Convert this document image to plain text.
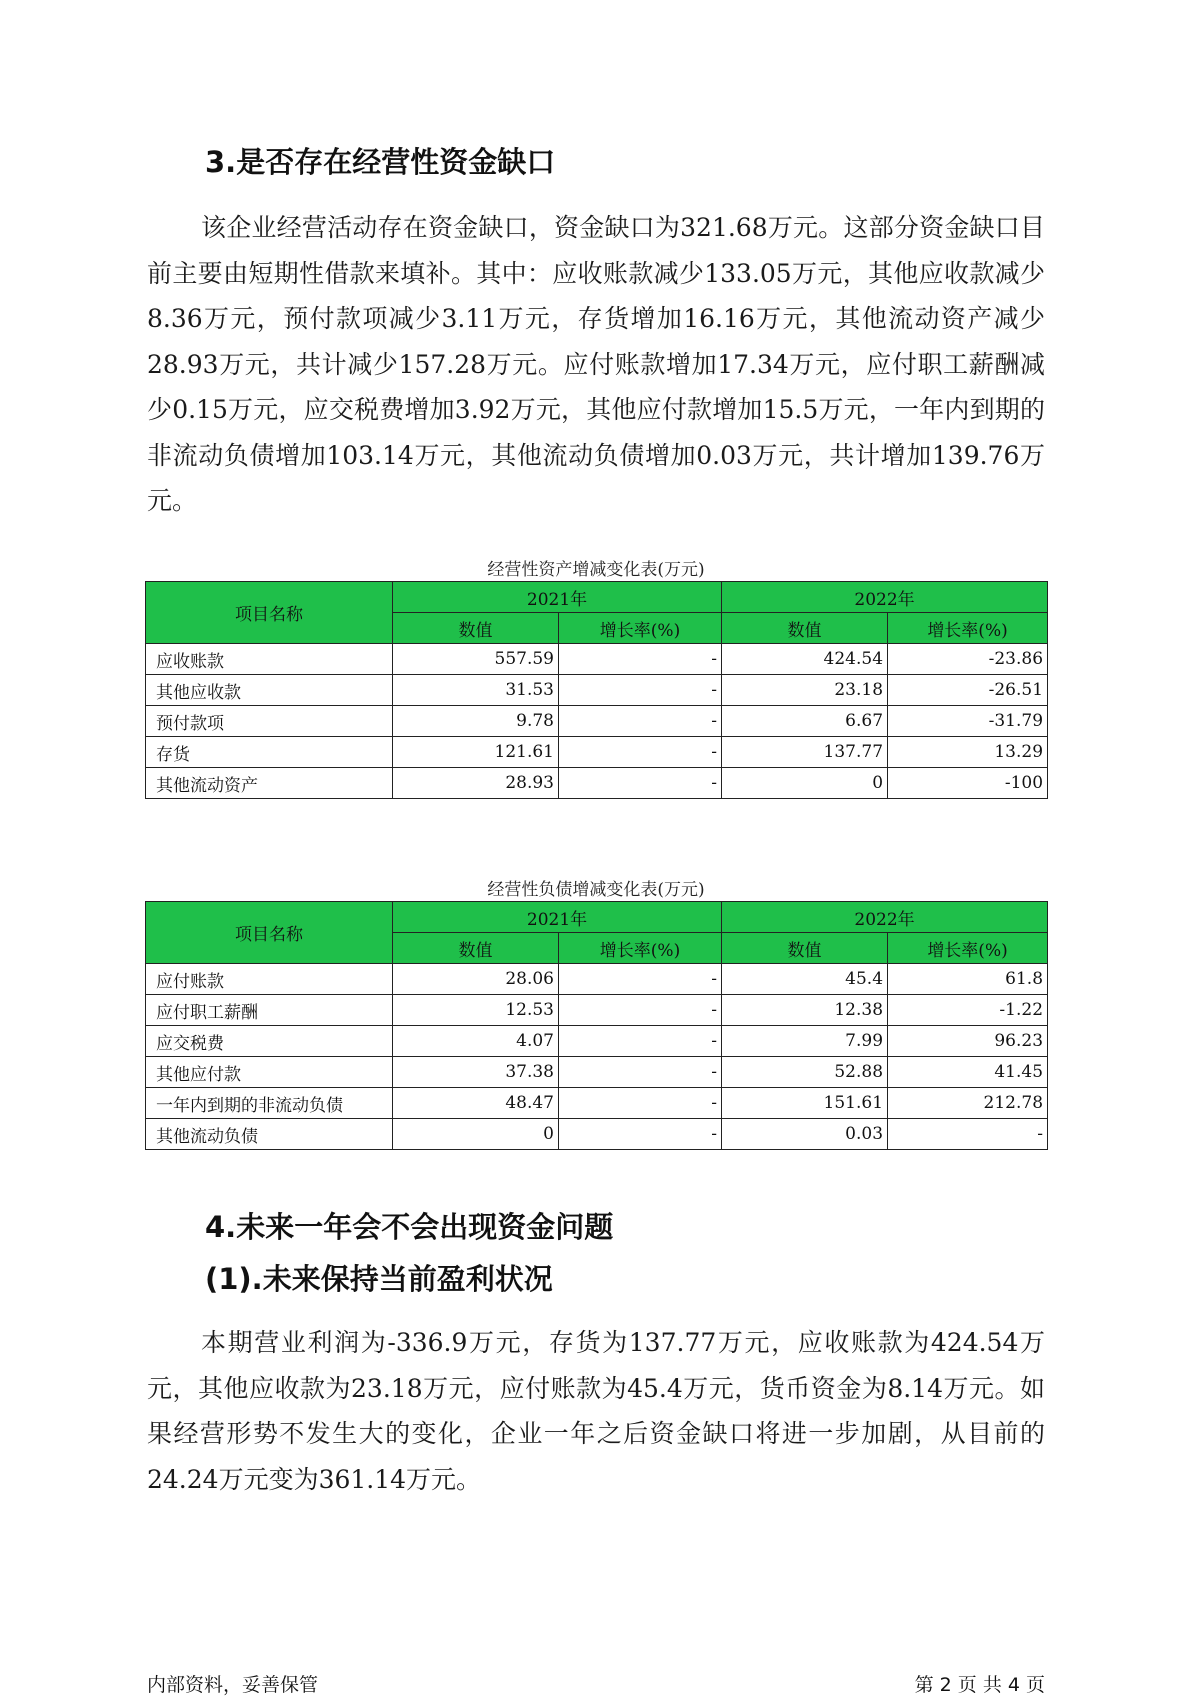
3.是否存在经营性资金缺口

该企业经营活动存在资金缺口，资金缺口为321.68万元。这部分资金缺口目前主要由短期性借款来填补。其中：应收账款减少133.05万元，其他应收款减少8.36万元，预付款项减少3.11万元，存货增加16.16万元，其他流动资产减少28.93万元，共计减少157.28万元。应付账款增加17.34万元，应付职工薪酬减少0.15万元，应交税费增加3.92万元，其他应付款增加15.5万元，一年内到期的非流动负债增加103.14万元，其他流动负债增加0.03万元，共计增加139.76万元。

经营性资产增减变化表(万元)
项目名称	2021年		2022年	
	数值	增长率(%)	数值	增长率(%)
应收账款	557.59	-	424.54	-23.86
其他应收款	31.53	-	23.18	-26.51
预付款项	9.78	-	6.67	-31.79
存货	121.61	-	137.77	13.29
其他流动资产	28.93	-	0	-100
经营性负债增减变化表(万元)
项目名称	2021年		2022年	
	数值	增长率(%)	数值	增长率(%)
应付账款	28.06	-	45.4	61.8
应付职工薪酬	12.53	-	12.38	-1.22
应交税费	4.07	-	7.99	96.23
其他应付款	37.38	-	52.88	41.45
一年内到期的非流动负债	48.47	-	151.61	212.78
其他流动负债	0	-	0.03	-
4.未来一年会不会出现资金问题
(1).未来保持当前盈利状况

本期营业利润为-336.9万元，存货为137.77万元，应收账款为424.54万元，其他应收款为23.18万元，应付账款为45.4万元，货币资金为8.14万元。如果经营形势不发生大的变化，企业一年之后资金缺口将进一步加剧，从目前的24.24万元变为361.14万元。

内部资料，妥善保管	第 2 页 共 4 页
